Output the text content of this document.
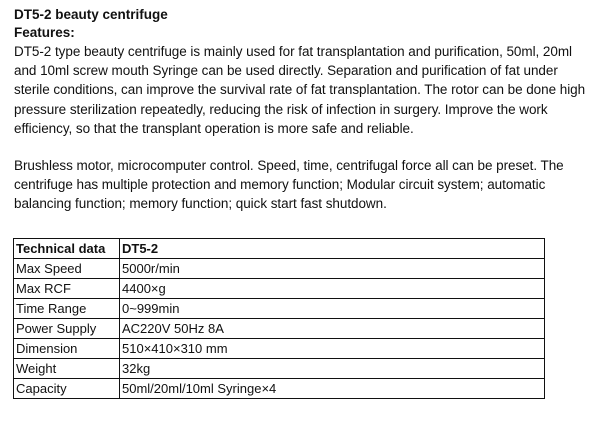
DT5-2 beauty centrifuge

Features:

DT5-2 type beauty centrifuge is mainly used for fat transplantation and purification, 50ml, 20ml and 10ml screw mouth Syringe can be used directly. Separation and purification of fat under sterile conditions, can improve the survival rate of fat transplantation. The rotor can be done high pressure sterilization repeatedly, reducing the risk of infection in surgery. Improve the work efficiency, so that the transplant operation is more safe and reliable.

Brushless motor, microcomputer control. Speed, time, centrifugal force all can be preset. The centrifuge has multiple protection and memory function; Modular circuit system; automatic balancing function; memory function; quick start fast shutdown.

Technical data	DT5-2
Max Speed	5000r/min
Max RCF	4400×g
Time Range	0~999min
Power Supply	AC220V 50Hz 8A
Dimension	510×410×310 mm
Weight	32kg
Capacity	50ml/20ml/10ml Syringe×4
